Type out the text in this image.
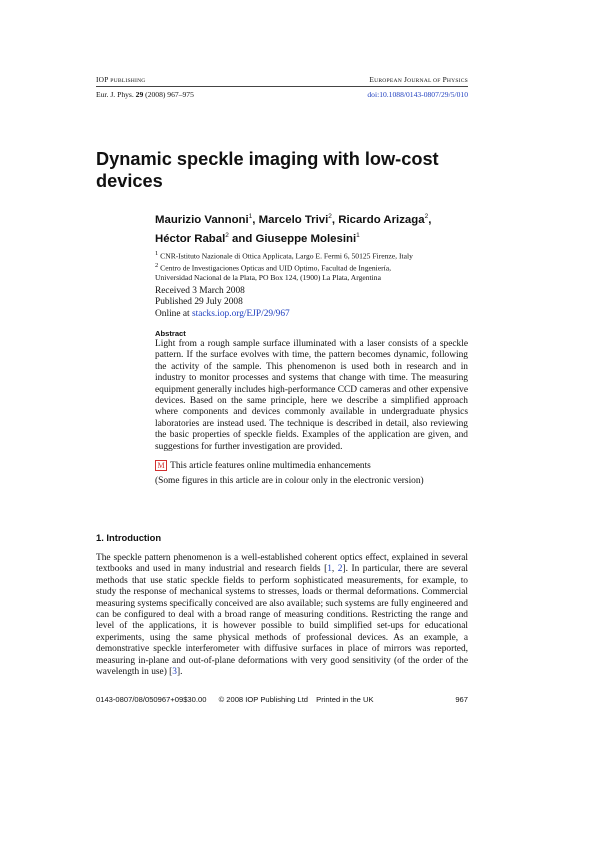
IOP PUBLISHING	EUROPEAN JOURNAL OF PHYSICS
Eur. J. Phys. 29 (2008) 967–975	doi:10.1088/0143-0807/29/5/010
Dynamic speckle imaging with low-cost
devices
Maurizio Vannoni$^1$, Marcelo Trivi$^2$, Ricardo Arizaga$^2$,
Héctor Rabal$^2$ and Giuseppe Molesini$^1$
$^1$ CNR-Istituto Nazionale di Ottica Applicata, Largo E. Fermi 6, 50125 Firenze, Italy
$^2$ Centro de Investigaciones Opticas and UID Optimo, Facultad de Ingeniería,
Universidad Nacional de la Plata, PO Box 124, (1900) La Plata, Argentina
Received 3 March 2008
Published 29 July 2008
Online at stacks.iop.org/EJP/29/967
Abstract
Light from a rough sample surface illuminated with a laser consists of a speckle pattern. If the surface evolves with time, the pattern becomes dynamic, following the activity of the sample. This phenomenon is used both in research and in industry to monitor processes and systems that change with time. The measuring equipment generally includes high-performance CCD cameras and other expensive devices. Based on the same principle, here we describe a simplified approach where components and devices commonly available in undergraduate physics laboratories are instead used. The technique is described in detail, also reviewing the basic properties of speckle fields. Examples of the application are given, and suggestions for further investigation are provided.
M This article features online multimedia enhancements
(Some figures in this article are in colour only in the electronic version)
1. Introduction
The speckle pattern phenomenon is a well-established coherent optics effect, explained in several textbooks and used in many industrial and research fields [1, 2]. In particular, there are several methods that use static speckle fields to perform sophisticated measurements, for example, to study the response of mechanical systems to stresses, loads or thermal deformations. Commercial measuring systems specifically conceived are also available; such systems are fully engineered and can be configured to deal with a broad range of measuring conditions. Restricting the range and level of the applications, it is however possible to build simplified set-ups for educational experiments, using the same physical methods of professional devices. As an example, a demonstrative speckle interferometer with diffusive surfaces in place of mirrors was reported, measuring in-plane and out-of-plane deformations with very good sensitivity (of the order of the wavelength in use) [3].
0143-0807/08/050967+09$30.00 © 2008 IOP Publishing Ltd Printed in the UK	967
